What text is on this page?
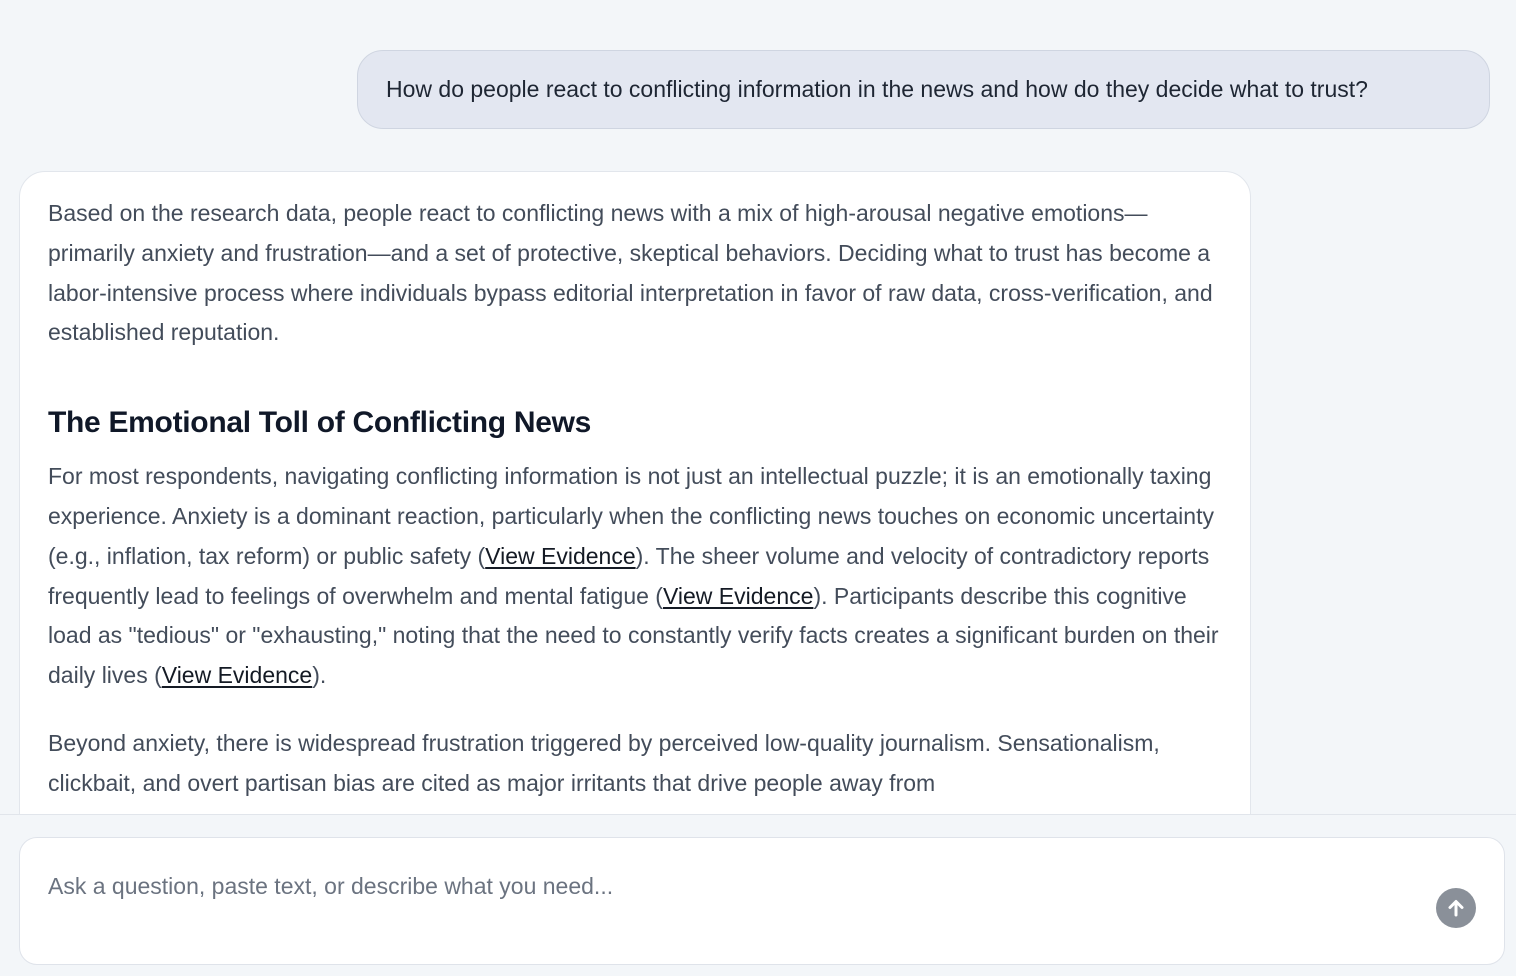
How do people react to conflicting information in the news and how do they decide what to trust?

Based on the research data, people react to conflicting news with a mix of high-arousal negative emotions—primarily anxiety and frustration—and a set of protective, skeptical behaviors. Deciding what to trust has become a labor-intensive process where individuals bypass editorial interpretation in favor of raw data, cross-verification, and established reputation.

The Emotional Toll of Conflicting News

For most respondents, navigating conflicting information is not just an intellectual puzzle; it is an emotionally taxing experience. Anxiety is a dominant reaction, particularly when the conflicting news touches on economic uncertainty (e.g., inflation, tax reform) or public safety (View Evidence). The sheer volume and velocity of contradictory reports frequently lead to feelings of overwhelm and mental fatigue (View Evidence). Participants describe this cognitive load as "tedious" or "exhausting," noting that the need to constantly verify facts creates a significant burden on their daily lives (View Evidence).

Beyond anxiety, there is widespread frustration triggered by perceived low-quality journalism. Sensationalism, clickbait, and overt partisan bias are cited as major irritants that drive people away from

Ask a question, paste text, or describe what you need...
